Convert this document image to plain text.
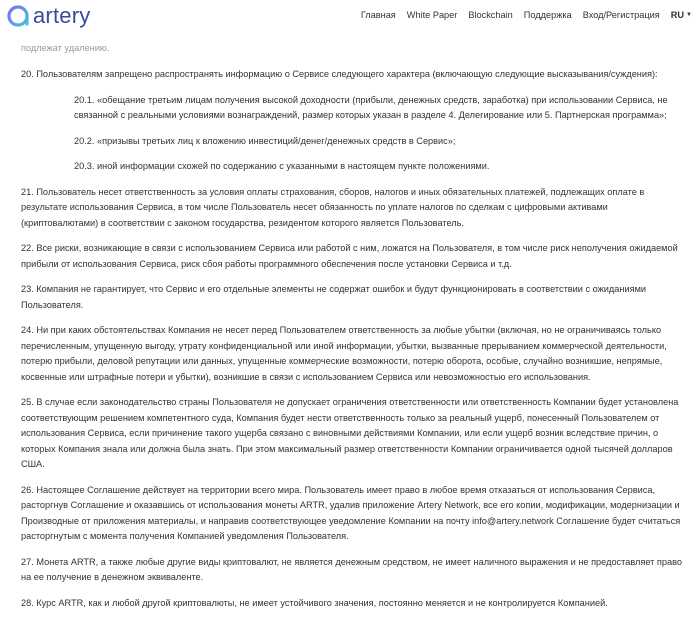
artery	Главная White Paper Blockchain Поддержка Вход/Регистрация RU ▼
подлежат удалению.

20. Пользователям запрещено распространять информацию о Сервисе следующего характера (включающую следующие высказывания/суждения):

20.1. «обещание третьим лицам получения высокой доходности (прибыли, денежных средств, заработка) при использовании Сервиса, не связанной с реальными условиями вознаграждений, размер которых указан в разделе 4. Делегирование или 5. Партнерская программа»;

20.2. «призывы третьих лиц к вложению инвестиций/денег/денежных средств в Сервис»;

20.3. иной информации схожей по содержанию с указанными в настоящем пункте положениями.

21. Пользователь несет ответственность за условия оплаты страхования, сборов, налогов и иных обязательных платежей, подлежащих оплате в результате использования Сервиса, в том числе Пользователь несет обязанность по уплате налогов по сделкам с цифровыми активами (криптовалютами) в соответствии с законом государства, резидентом которого является Пользователь.

22. Все риски, возникающие в связи с использованием Сервиса или работой с ним, ложатся на Пользователя, в том числе риск неполучения ожидаемой прибыли от использования Сервиса, риск сбоя работы программного обеспечения после установки Сервиса и т.д.

23. Компания не гарантирует, что Сервис и его отдельные элементы не содержат ошибок и будут функционировать в соответствии с ожиданиями Пользователя.

24. Ни при каких обстоятельствах Компания не несет перед Пользователем ответственность за любые убытки (включая, но не ограничиваясь только перечисленным, упущенную выгоду, утрату конфиденциальной или иной информации, убытки, вызванные прерыванием коммерческой деятельности, потерю прибыли, деловой репутации или данных, упущенные коммерческие возможности, потерю оборота, особые, случайно возникшие, непрямые, косвенные или штрафные потери и убытки), возникшие в связи с использованием Сервиса или невозможностью его использования.

25. В случае если законодательство страны Пользователя не допускает ограничения ответственности или ответственность Компании будет установлена соответствующим решением компетентного суда, Компания будет нести ответственность только за реальный ущерб, понесенный Пользователем от использования Сервиса, если причинение такого ущерба связано с виновными действиями Компании, или если ущерб возник вследствие причин, о которых Компания знала или должна была знать. При этом максимальный размер ответственности Компании ограничивается одной тысячей долларов США.

26. Настоящее Соглашение действует на территории всего мира. Пользователь имеет право в любое время отказаться от использования Сервиса, расторгнув Соглашение и оказавшись от использования монеты ARTR, удалив приложение Artery Network, все его копии, модификации, модернизации и Производные от приложения материалы, и направив соответствующее уведомление Компании на почту info@artery.network Соглашение будет считаться расторгнутым с момента получения Компанией уведомления Пользователя.

27. Монета ARTR, а также любые другие виды криптовалют, не является денежным средством, не имеет наличного выражения и не предоставляет право на ее получение в денежном эквиваленте.

28. Курс ARTR, как и любой другой криптовалюты, не имеет устойчивого значения, постоянно меняется и не контролируется Компанией.
